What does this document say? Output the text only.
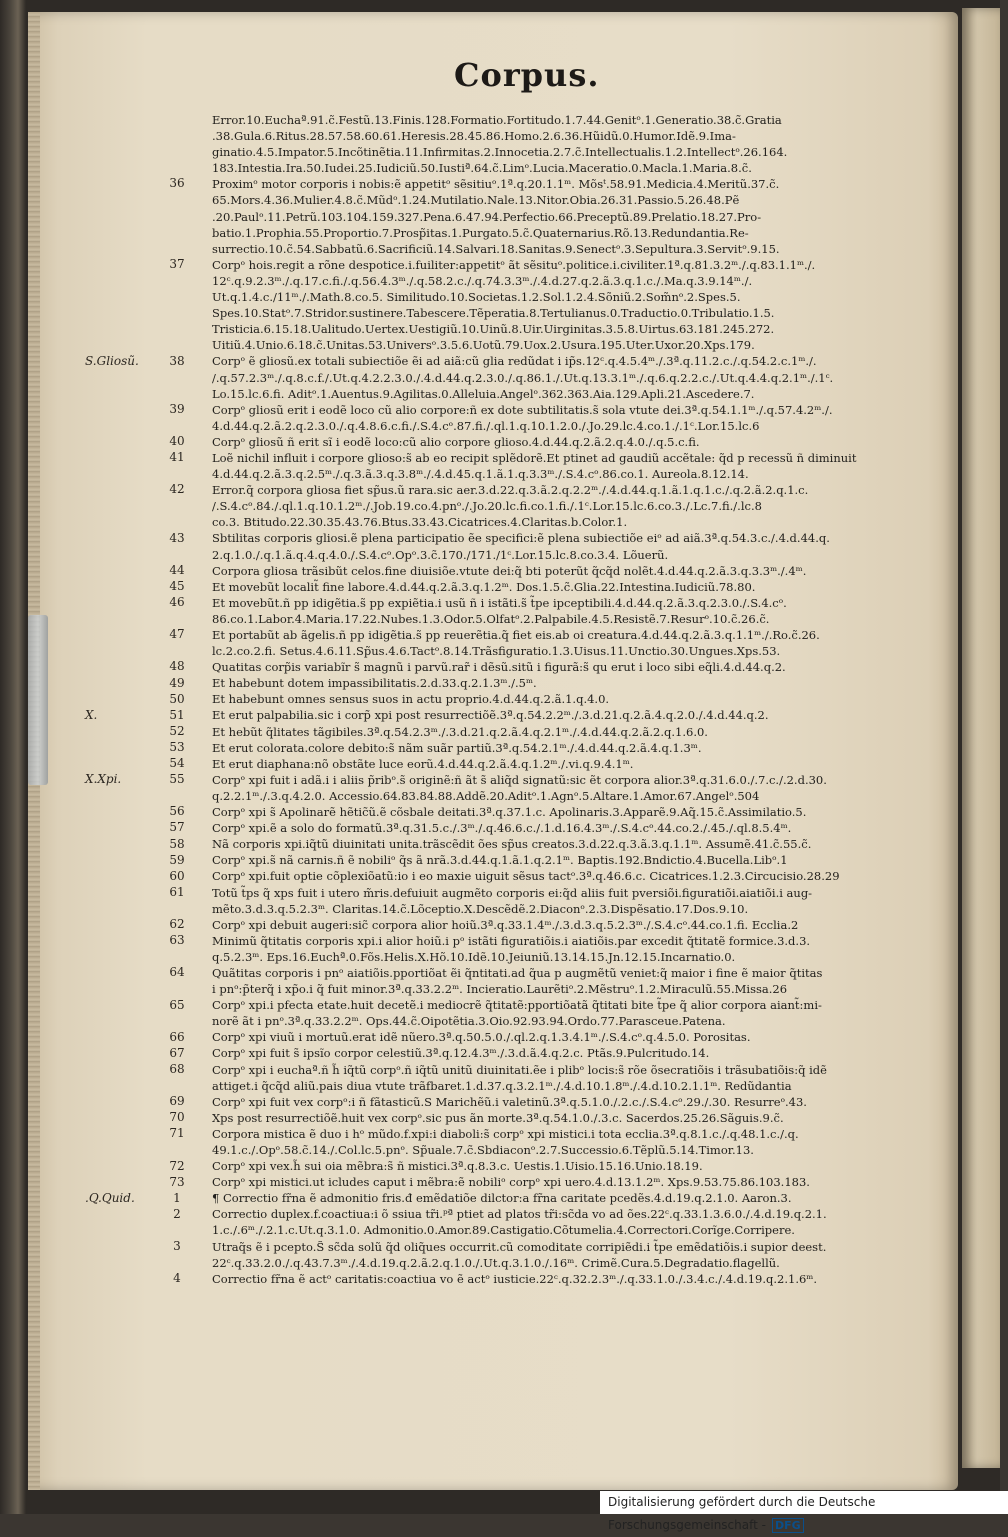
Corpus.
Error.10.Euchaª.91.c̃.Festũ.13.Finis.128.Formatio.Fortitudo.1.7.44.Genitᵒ.1.Generatio.38.c̃.Gratia
.38.Gula.6.Ritus.28.57.58.60.61.Heresis.28.45.86.Homo.2.6.36.Hũidũ.0.Humor.Idẽ.9.Ima-
ginatio.4.5.Impator.5.Incõtinẽtia.11.Infirmitas.2.Innocetia.2.7.c̃.Intellectualis.1.2.Intellectᵒ.26.164.
183.Intestia.Ira.50.Iudei.25.Iudiciũ.50.Iustiª.64.c̃.Limᵒ.Lucia.Maceratio.0.Macla.1.Maria.8.c̃.
Proximᵒ motor corporis i nobis:ẽ appetitᵒ sẽsitiuᵒ.1ª.q.20.1.1ᵐ. Mõsᵗ.58.91.Medicia.4.Meritũ.37.c̃.
65.Mors.4.36.Mulier.4.8.c̃.Mũdᵒ.1.24.Mutilatio.Nale.13.Nitor.Obia.26.31.Passio.5.26.48.Pẽ
.20.Paulᵒ.11.Petrũ.103.104.159.327.Pena.6.47.94.Perfectio.66.Preceptũ.89.Prelatio.18.27.Pro-
batio.1.Prophia.55.Proportio.7.Prosp̃itas.1.Purgato.5.c̃.Quaternarius.Rõ.13.Redundantia.Re-
surrectio.10.c̃.54.Sabbatũ.6.Sacrificiũ.14.Salvari.18.Sanitas.9.Senectᵒ.3.Sepultura.3.Servitᵒ.9.15.
Corpᵒ hois.regit a rõne despotice.i.fuiliter:appetitᵒ ãt sẽsituᵒ.politice.i.civiliter.1ª.q.81.3.2ᵐ./.q.83.1.1ᵐ./.
12ᶜ.q.9.2.3ᵐ./.q.17.c.fi./.q.56.4.3ᵐ./.q.58.2.c./.q.74.3.3ᵐ./.4.d.27.q.2.ã.3.q.1.c./.Ma.q.3.9.14ᵐ./.
Ut.q.1.4.c./11ᵐ./.Math.8.co.5. Similitudo.10.Societas.1.2.Sol.1.2.4.Sõniũ.2.Som̃nᵒ.2.Spes.5.
Spes.10.Statᵒ.7.Stridor.sustinere.Tabescere.Tẽperatia.8.Tertulianus.0.Traductio.0.Tribulatio.1.5.
Tristicia.6.15.18.Ualitudo.Uertex.Uestigiũ.10.Uinũ.8.Uir.Uirginitas.3.5.8.Uirtus.63.181.245.272.
Uitiũ.4.Unio.6.18.c̃.Unitas.53.Universᵒ.3.5.6.Uotũ.79.Uox.2.Usura.195.Uter.Uxor.20.Xps.179.
Corpᵒ ẽ gliosũ.ex totali subiectiõe ẽi ad aiã:cũ glia redũdat i ip̃s.12ᶜ.q.4.5.4ᵐ./.3ª.q.11.2.c./.q.54.2.c.1ᵐ./.
/.q.57.2.3ᵐ./.q.8.c.f./.Ut.q.4.2.2.3.0./.4.d.44.q.2.3.0./.q.86.1./.Ut.q.13.3.1ᵐ./.q.6.q.2.2.c./.Ut.q.4.4.q.2.1ᵐ./.1ᶜ.
Lo.15.lc.6.fi. Aditᵒ.1.Auentus.9.Agilitas.0.Alleluia.Angelᵒ.362.363.Aia.129.Apli.21.Ascedere.7.
Corpᵒ gliosũ erit i eodẽ loco cũ alio corpore:ñ ex dote subtilitatis.s̃ sola vtute dei.3ª.q.54.1.1ᵐ./.q.57.4.2ᵐ./.
4.d.44.q.2.ã.2.q.2.3.0./.q.4.8.6.c.fi./.S.4.cᵒ.87.fi./.ql.1.q.10.1.2.0./.Jo.29.lc.4.co.1./.1ᶜ.Lor.15.lc.6
Corpᵒ gliosũ ñ erit sĩ i eodẽ loco:cũ alio corpore glioso.4.d.44.q.2.ã.2.q.4.0./.q.5.c.fi.
Loẽ nichil influit i corpore glioso:s̃ ab eo recipit splẽdorẽ.Et ptinet ad gaudiũ accẽtale: q̃d p recessũ ñ diminuit
4.d.44.q.2.ã.3.q.2.5ᵐ./.q.3.ã.3.q.3.8ᵐ./.4.d.45.q.1.ã.1.q.3.3ᵐ./.S.4.cᵒ.86.co.1. Aureola.8.12.14.
Error.q̃ corpora gliosa fiet sp̃us.ũ rara.sic aer.3.d.22.q.3.ã.2.q.2.2ᵐ./.4.d.44.q.1.ã.1.q.1.c./.q.2.ã.2.q.1.c.
/.S.4.cᵒ.84./.ql.1.q.10.1.2ᵐ./.Job.19.co.4.pnᵒ./.Jo.20.lc.fi.co.1.fi./.1ᶜ.Lor.15.lc.6.co.3./.Lc.7.fi./.lc.8
co.3. Btitudo.22.30.35.43.76.Btus.33.43.Cicatrices.4.Claritas.b.Color.1.
Sbtilitas corporis gliosi.ẽ plena participatio ẽe specifici:ẽ plena subiectiõe eiᵒ ad aiã.3ª.q.54.3.c./.4.d.44.q.
2.q.1.0./.q.1.ã.q.4.q.4.0./.S.4.cᵒ.Opᵒ.3.c̃.170./171./1ᶜ.Lor.15.lc.8.co.3.4. Lõuerũ.
Corpora gliosa trãsibũt celos.fine diuisiõe.vtute dei:q̃ bti poterũt q̃cq̃d nolẽt.4.d.44.q.2.ã.3.q.3.3ᵐ./.4ᵐ.
Et movebũt localit̃ fine labore.4.d.44.q.2.ã.3.q.1.2ᵐ. Dos.1.5.c̃.Glia.22.Intestina.Iudiciũ.78.80.
Et movebũt.ñ pp idigẽtia.s̃ pp expiẽtia.ⅰ usũ ñ i istãti.s̃ t̃pe ipceptibili.4.d.44.q.2.ã.3.q.2.3.0./.S.4.cᵒ.
86.co.1.Labor.4.Maria.17.22.Nubes.1.3.Odor.5.Olfatᵒ.2.Palpabile.4.5.Resistẽ.7.Resurᵒ.10.c̃.26.c̃.
Et portabũt ab ãgelis.ñ pp idigẽtia.s̃ pp reuerẽtia.q̃ fiet eis.ab oi creatura.4.d.44.q.2.ã.3.q.1.1ᵐ./.Ro.c̃.26.
lc.2.co.2.fi. Setus.4.6.11.Sp̃us.4.6.Tactᵒ.8.14.Trãsfiguratio.1.3.Uisus.11.Unctio.30.Ungues.Xps.53.
Quatitas corp̃is variabĩr s̃ magnũ ⅰ parvũ.rar̃ ⅰ dẽsũ.sitũ ⅰ figurã:s̃ qu erut i loco sibi eq̃li.4.d.44.q.2.
Et habebunt dotem impassibilitatis.2.d.33.q.2.1.3ᵐ./.5ᵐ.
Et habebunt omnes sensus suos in actu proprio.4.d.44.q.2.ã.1.q.4.0.
Et erut palpabilia.sic ⅰ corp̃ xpi post resurrectiõẽ.3ª.q.54.2.2ᵐ./.3.d.21.q.2.ã.4.q.2.0./.4.d.44.q.2.
Et hebũt q̃litates tãgibiles.3ª.q.54.2.3ᵐ./.3.d.21.q.2.ã.4.q.2.1ᵐ./.4.d.44.q.2.ã.2.q.1.6.0.
Et erut colorata.colore debito:s̃ nãm suãr partiũ.3ª.q.54.2.1ᵐ./.4.d.44.q.2.ã.4.q.1.3ᵐ.
Et erut diaphana:nõ obstãte luce eorũ.4.d.44.q.2.ã.4.q.1.2ᵐ./.vi.q.9.4.1ᵐ.
Corpᵒ xpi fuit i adã.ⅰ i aliis p̃ribᵒ.s̃ originẽ:ñ ãt s̃ aliq̃d signatũ:sic ẽt corpora alior.3ª.q.31.6.0./.7.c./.2.d.30.
q.2.2.1ᵐ./.3.q.4.2.0. Accessio.64.83.84.88.Addẽ.20.Aditᵒ.1.Agnᵒ.5.Altare.1.Amor.67.Angelᵒ.504
Corpᵒ xpi s̃ Apolinarẽ hẽtic̃ũ.ẽ cõsbale deitati.3ª.q.37.1.c. Apolinaris.3.Apparẽ.9.Aq̃.15.c̃.Assimilatio.5.
Corpᵒ xpi.ẽ a solo do formatũ.3ª.q.31.5.c./.3ᵐ./.q.46.6.c./.1.d.16.4.3ᵐ./.S.4.cᵒ.44.co.2./.45./.ql.8.5.4ᵐ.
Nã corporis xpi.iq̃tũ diuinitati unita.trãscẽdit ões sp̃us creatos.3.d.22.q.3.ã.3.q.1.1ᵐ. Assumẽ.41.c̃.55.c̃.
Corpᵒ xpi.s̃ nã carnis.ñ ẽ nobiliᵒ q̃s ã nrã.3.d.44.q.1.ã.1.q.2.1ᵐ. Baptis.192.Bndictio.4.Bucella.Libᵒ.1
Corpᵒ xpi.fuit optie cõplexiõatũ:io i eo maxie uiguit sẽsus tactᵒ.3ª.q.46.6.c. Cicatrices.1.2.3.Circucisio.28.29
Totũ t̃ps q̃ xps fuit i utero m̃ris.defuiuit augmẽto corporis ei:q̃d aliis fuit pversiõi.figuratiõi.aiatiõi.ⅰ aug-
mẽto.3.d.3.q.5.2.3ᵐ. Claritas.14.c̃.Lõceptio.X.Descẽdẽ.2.Diaconᵒ.2.3.Dispẽsatio.17.Dos.9.10.
Corpᵒ xpi debuit augeri:sic̃ corpora alior hoiũ.3ª.q.33.1.4ᵐ./.3.d.3.q.5.2.3ᵐ./.S.4.cᵒ.44.co.1.fi. Ecclia.2
Minimũ q̃titatis corporis xpi.ⅰ alior hoiũ.i pᵒ istãti figuratiõis.ⅰ aiatiõis.par excedit q̃titatẽ formice.3.d.3.
q.5.2.3ᵐ. Eps.16.Euchª.0.Fõs.Helis.X.Hõ.10.Idẽ.10.Jeiuniũ.13.14.15.Jn.12.15.Incarnatio.0.
Quãtitas corporis i pnᵒ aiatiõis.pportiõat ẽi q̃ntitati.ad q̃ua p augmẽtũ veniet:q̃ maior i fine ẽ maior q̃titas
i pnᵒ:p̃terq̃ i xp̃o.i q̃ fuit minor.3ª.q.33.2.2ᵐ. Incieratio.Laurẽtiᵒ.2.Mẽstruᵒ.1.2.Miraculũ.55.Missa.26
Corpᵒ xpi.i pfecta etate.huit decetẽ.ⅰ mediocrẽ q̃titatẽ:pportiõatã q̃titati bite t̃pe q̃ alior corpora aiant̃:mi-
norẽ ãt i pnᵒ.3ª.q.33.2.2ᵐ. Ops.44.c̃.Oipotẽtia.3.Oio.92.93.94.Ordo.77.Parasceue.Patena.
Corpᵒ xpi viuũ ⅰ mortuũ.erat idẽ nũero.3ª.q.50.5.0./.ql.2.q.1.3.4.1ᵐ./.S.4.cᵒ.q.4.5.0. Porositas.
Corpᵒ xpi fuit s̃ ipsĩo corpor celestiũ.3ª.q.12.4.3ᵐ./.3.d.ã.4.q.2.c. Ptãs.9.Pulcritudo.14.
Corpᵒ xpi i euchaª.ñ h̃ iq̃tũ corpᵒ.ñ iq̃tũ unitũ diuinitati.ẽe i plibᵒ locis:s̃ rõe õsecratiõis ⅰ trãsubatiõis:q̃ idẽ
attiget.i q̃cq̃d aliũ.pais diua vtute trãfbaret.1.d.37.q.3.2.1ᵐ./.4.d.10.1.8ᵐ./.4.d.10.2.1.1ᵐ. Redũdantia
Corpᵒ xpi fuit vex corpᵒ:ⅰ ñ fãtasticũ.S Marichẽũ.ⅰ valetinũ.3ª.q.5.1.0./.2.c./.S.4.cᵒ.29./.30. Resurreᵒ.43.
Xps post resurrectiõẽ.huit vex corpᵒ.sic pus ãn morte.3ª.q.54.1.0./.3.c. Sacerdos.25.26.Sãguis.9.c̃.
Corpora mistica ẽ duo i hᵒ mũdo.f.xpi:ⅰ diaboli:s̃ corpᵒ xpi mistici.ⅰ tota ecclia.3ª.q.8.1.c./.q.48.1.c./.q.
49.1.c./.Opᵒ.58.c̃.14./.Col.lc.5.pnᵒ. Sp̃uale.7.c̃.Sbdiaconᵒ.2.7.Successio.6.Tẽplũ.5.14.Timor.13.
Corpᵒ xpi vex.h̃ sui oia mẽbra:s̃ ñ mistici.3ª.q.8.3.c. Uestis.1.Uisio.15.16.Unio.18.19.
Corpᵒ xpi mistici.ut icludes caput ⅰ mẽbra:ẽ nobiliᵒ corpᵒ xpi uero.4.d.13.1.2ᵐ. Xps.9.53.75.86.103.183.
¶ Correctio fr̃na ẽ admonitio fris.đ emẽdatiõe dilctor:a fr̃na caritate pcedẽs.4.d.19.q.2.1.0. Aaron.3.
Correctio duplex.f.coactiua:ⅰ õ ssiua tr̃i.ᵖª ptiet ad platos tr̃i:sc̃da vo ad ões.22ᶜ.q.33.1.3.6.0./.4.d.19.q.2.1.
1.c./.6ᵐ./.2.1.c.Ut.q.3.1.0. Admonitio.0.Amor.89.Castigatio.Cõtumelia.4.Correctori.Corĩge.Corripere.
Utraq̃s ẽ i pcepto.S̃ sc̃da solũ q̃d oliq̃ues occurrit.cũ comoditate corripiẽdi.ⅰ t̃pe emẽdatiõis.ⅰ supior deest.
22ᶜ.q.33.2.0./.q.43.7.3ᵐ./.4.d.19.q.2.ã.2.q.1.0./.Ut.q.3.1.0./.16ᵐ. Crimẽ.Cura.5.Degradatio.flagellũ.
Correctio fr̃na ẽ actᵒ caritatis:coactiua vo ẽ actᵒ iusticie.22ᶜ.q.32.2.3ᵐ./.q.33.1.0./.3.4.c./.4.d.19.q.2.1.6ᵐ.
36
37
38
39
40
41
42
43
44
45
46
47
48
49
50
51
52
53
54
55
56
57
58
59
60
61
62
63
64
65
66
67
68
69
70
71
72
73
1
2
3
4
S.Gliosũ.
X.
X.Xpi.
.Q.Quid.
Digitalisierung gefördert durch die Deutsche Forschungsgemeinschaft - DFG
